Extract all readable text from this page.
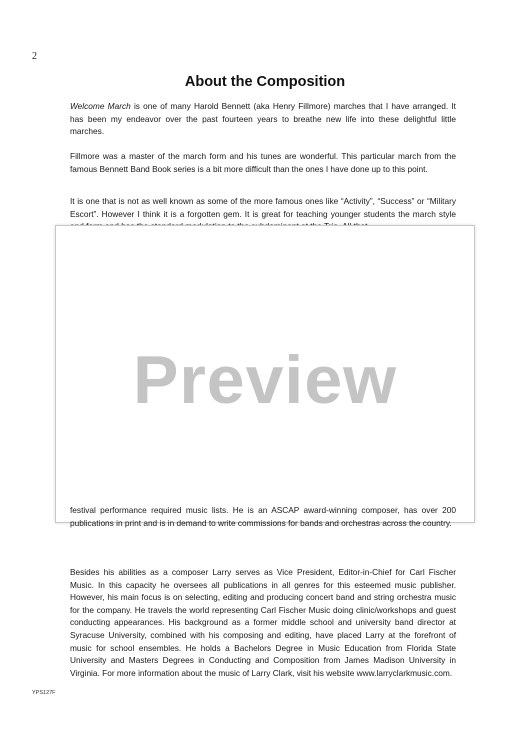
2
About the Composition

Welcome March is one of many Harold Bennett (aka Henry Fillmore) marches that I have arranged. It has been my endeavor over the past fourteen years to breathe new life into these delightful little marches.

Fillmore was a master of the march form and his tunes are wonderful. This particular march from the famous Bennett Band Book series is a bit more difficult than the ones I have done up to this point.

It is one that is not as well known as some of the more famous ones like “Activity”, “Success” or “Military Escort”. However I think it is a forgotten gem. It is great for teaching younger students the march style

Preview

festival performance required music lists. He is an ASCAP award-winning composer, has over 200 publications in print and is in demand to write commissions for bands and orchestras across the country.

Besides his abilities as a composer Larry serves as Vice President, Editor-in-Chief for Carl Fischer Music. In this capacity he oversees all publications in all genres for this esteemed music publisher. However, his main focus is on selecting, editing and producing concert band and string orchestra music for the company. He travels the world representing Carl Fischer Music doing clinic/workshops and guest conducting appearances. His background as a former middle school and university band director at Syracuse University, combined with his composing and editing, have placed Larry at the forefront of music for school ensembles. He holds a Bachelors Degree in Music Education from Florida State University and Masters Degrees in Conducting and Composition from James Madison University in Virginia. For more information about the music of Larry Clark, visit his website www.larryclarkmusic.com.

YPS127F
